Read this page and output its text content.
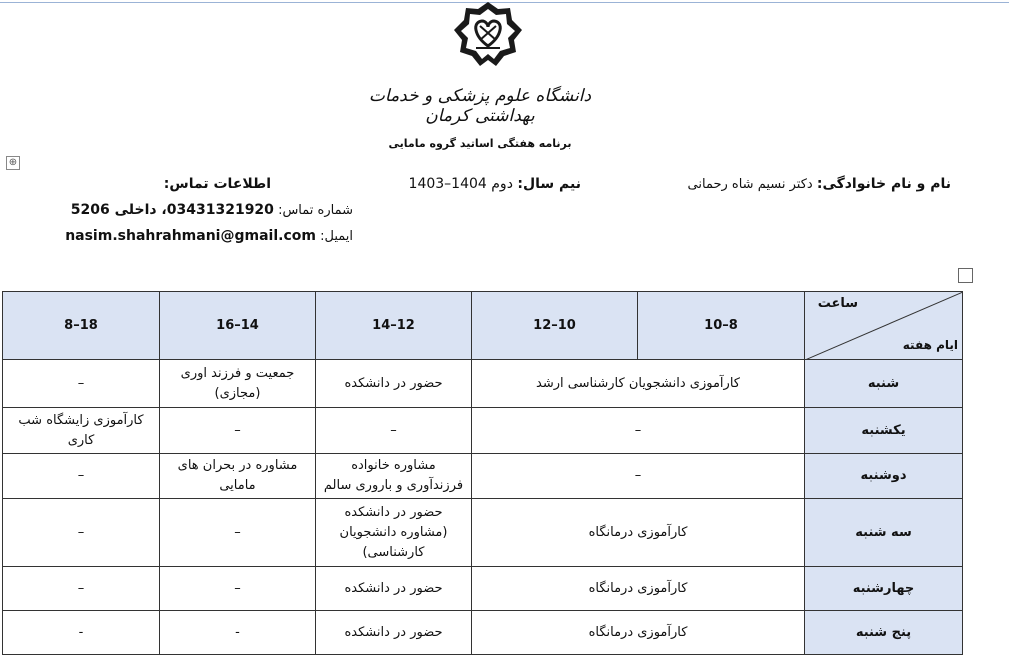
دانشگاه علوم پزشکی و خدمات بهداشتی کرمان
برنامه هفتگی اساتید گروه مامایی
⊕
نام و نام خانوادگی: دکتر نسیم شاه رحمانی
نیم سال: دوم 1404–1403
اطلاعات تماس:
شماره تماس: 03431321920، داخلی 5206
ایمیل: nasim.shahrahmani@gmail.com
ساعت
ایام هفته	8–10	10–12	12–14	14–16	18–8
شنبه	کارآموزی دانشجویان کارشناسی ارشد		حضور در دانشکده	جمعیت و فرزند اوری (مجازی)	–
یکشنبه	–		–	–	کارآموزی زایشگاه شب کاری
دوشنبه	–		مشاوره خانواده فرزندآوری و باروری سالم	مشاوره در بحران های مامایی	–
سه شنبه	کارآموزی درمانگاه		حضور در دانشکده (مشاوره دانشجویان کارشناسی)	–	–
چهارشنبه	کارآموزی درمانگاه		حضور در دانشکده	–	–
پنج شنبه	کارآموزی درمانگاه		حضور در دانشکده	-	-
